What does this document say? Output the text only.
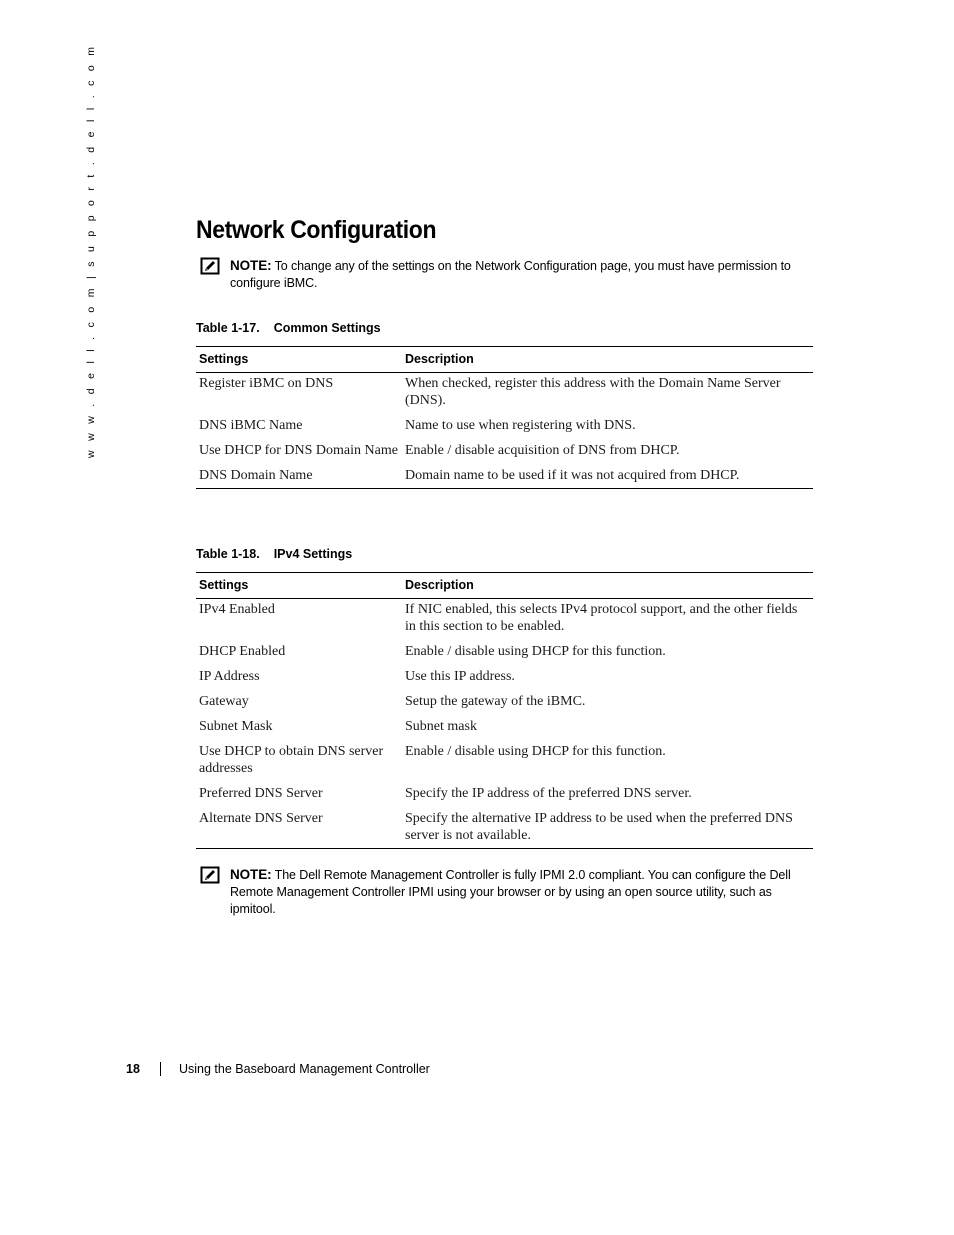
w w w . d e l l . c o m | s u p p o r t . d e l l . c o m	Network Configuration
NOTE: To change any of the settings on the Network Configuration page, you must have permission to configure iBMC.
Table 1-17. Common Settings
Settings	Description
Register iBMC on DNS	When checked, register this address with the Domain Name Server (DNS).
DNS iBMC Name	Name to use when registering with DNS.
Use DHCP for DNS Domain Name	Enable / disable acquisition of DNS from DHCP.
DNS Domain Name	Domain name to be used if it was not acquired from DHCP.
Table 1-18. IPv4 Settings
Settings	Description
IPv4 Enabled	If NIC enabled, this selects IPv4 protocol support, and the other fields in this section to be enabled.
DHCP Enabled	Enable / disable using DHCP for this function.
IP Address	Use this IP address.
Gateway	Setup the gateway of the iBMC.
Subnet Mask	Subnet mask
Use DHCP to obtain DNS server addresses	Enable / disable using DHCP for this function.
Preferred DNS Server	Specify the IP address of the preferred DNS server.
Alternate DNS Server	Specify the alternative IP address to be used when the preferred DNS server is not available.
NOTE: The Dell Remote Management Controller is fully IPMI 2.0 compliant. You can configure the Dell Remote Management Controller IPMI using your browser or by using an open source utility, such as ipmitool.
18	Using the Baseboard Management Controller
